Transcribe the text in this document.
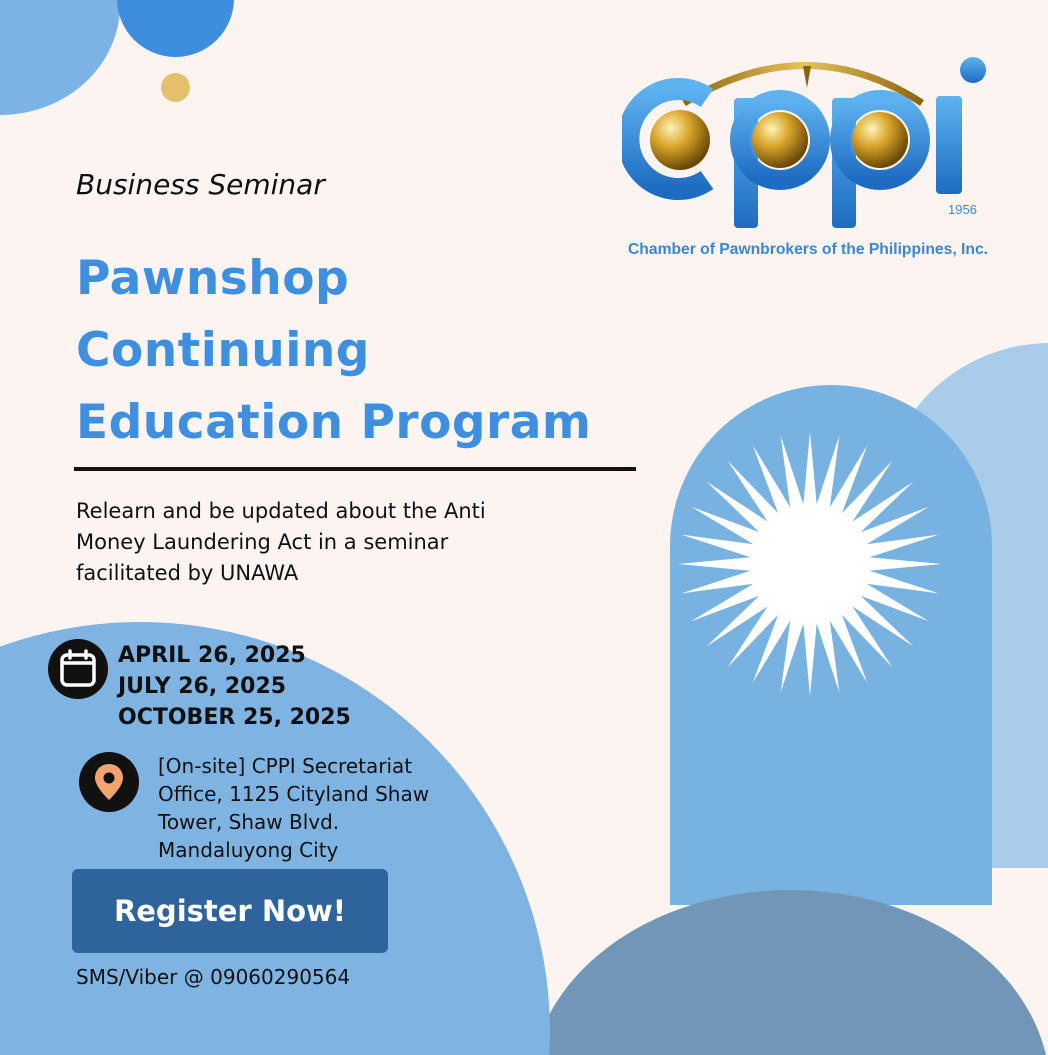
1956
Chamber of Pawnbrokers of the Philippines, Inc.
Business Seminar
Pawnshop
Continuing
Education Program
Relearn and be updated about the Anti
Money Laundering Act in a seminar
facilitated by UNAWA
APRIL 26, 2025
JULY 26, 2025
OCTOBER 25, 2025
[On-site] CPPI Secretariat
Office, 1125 Cityland Shaw
Tower, Shaw Blvd.
Mandaluyong City
Register Now!
SMS/Viber @ 09060290564
